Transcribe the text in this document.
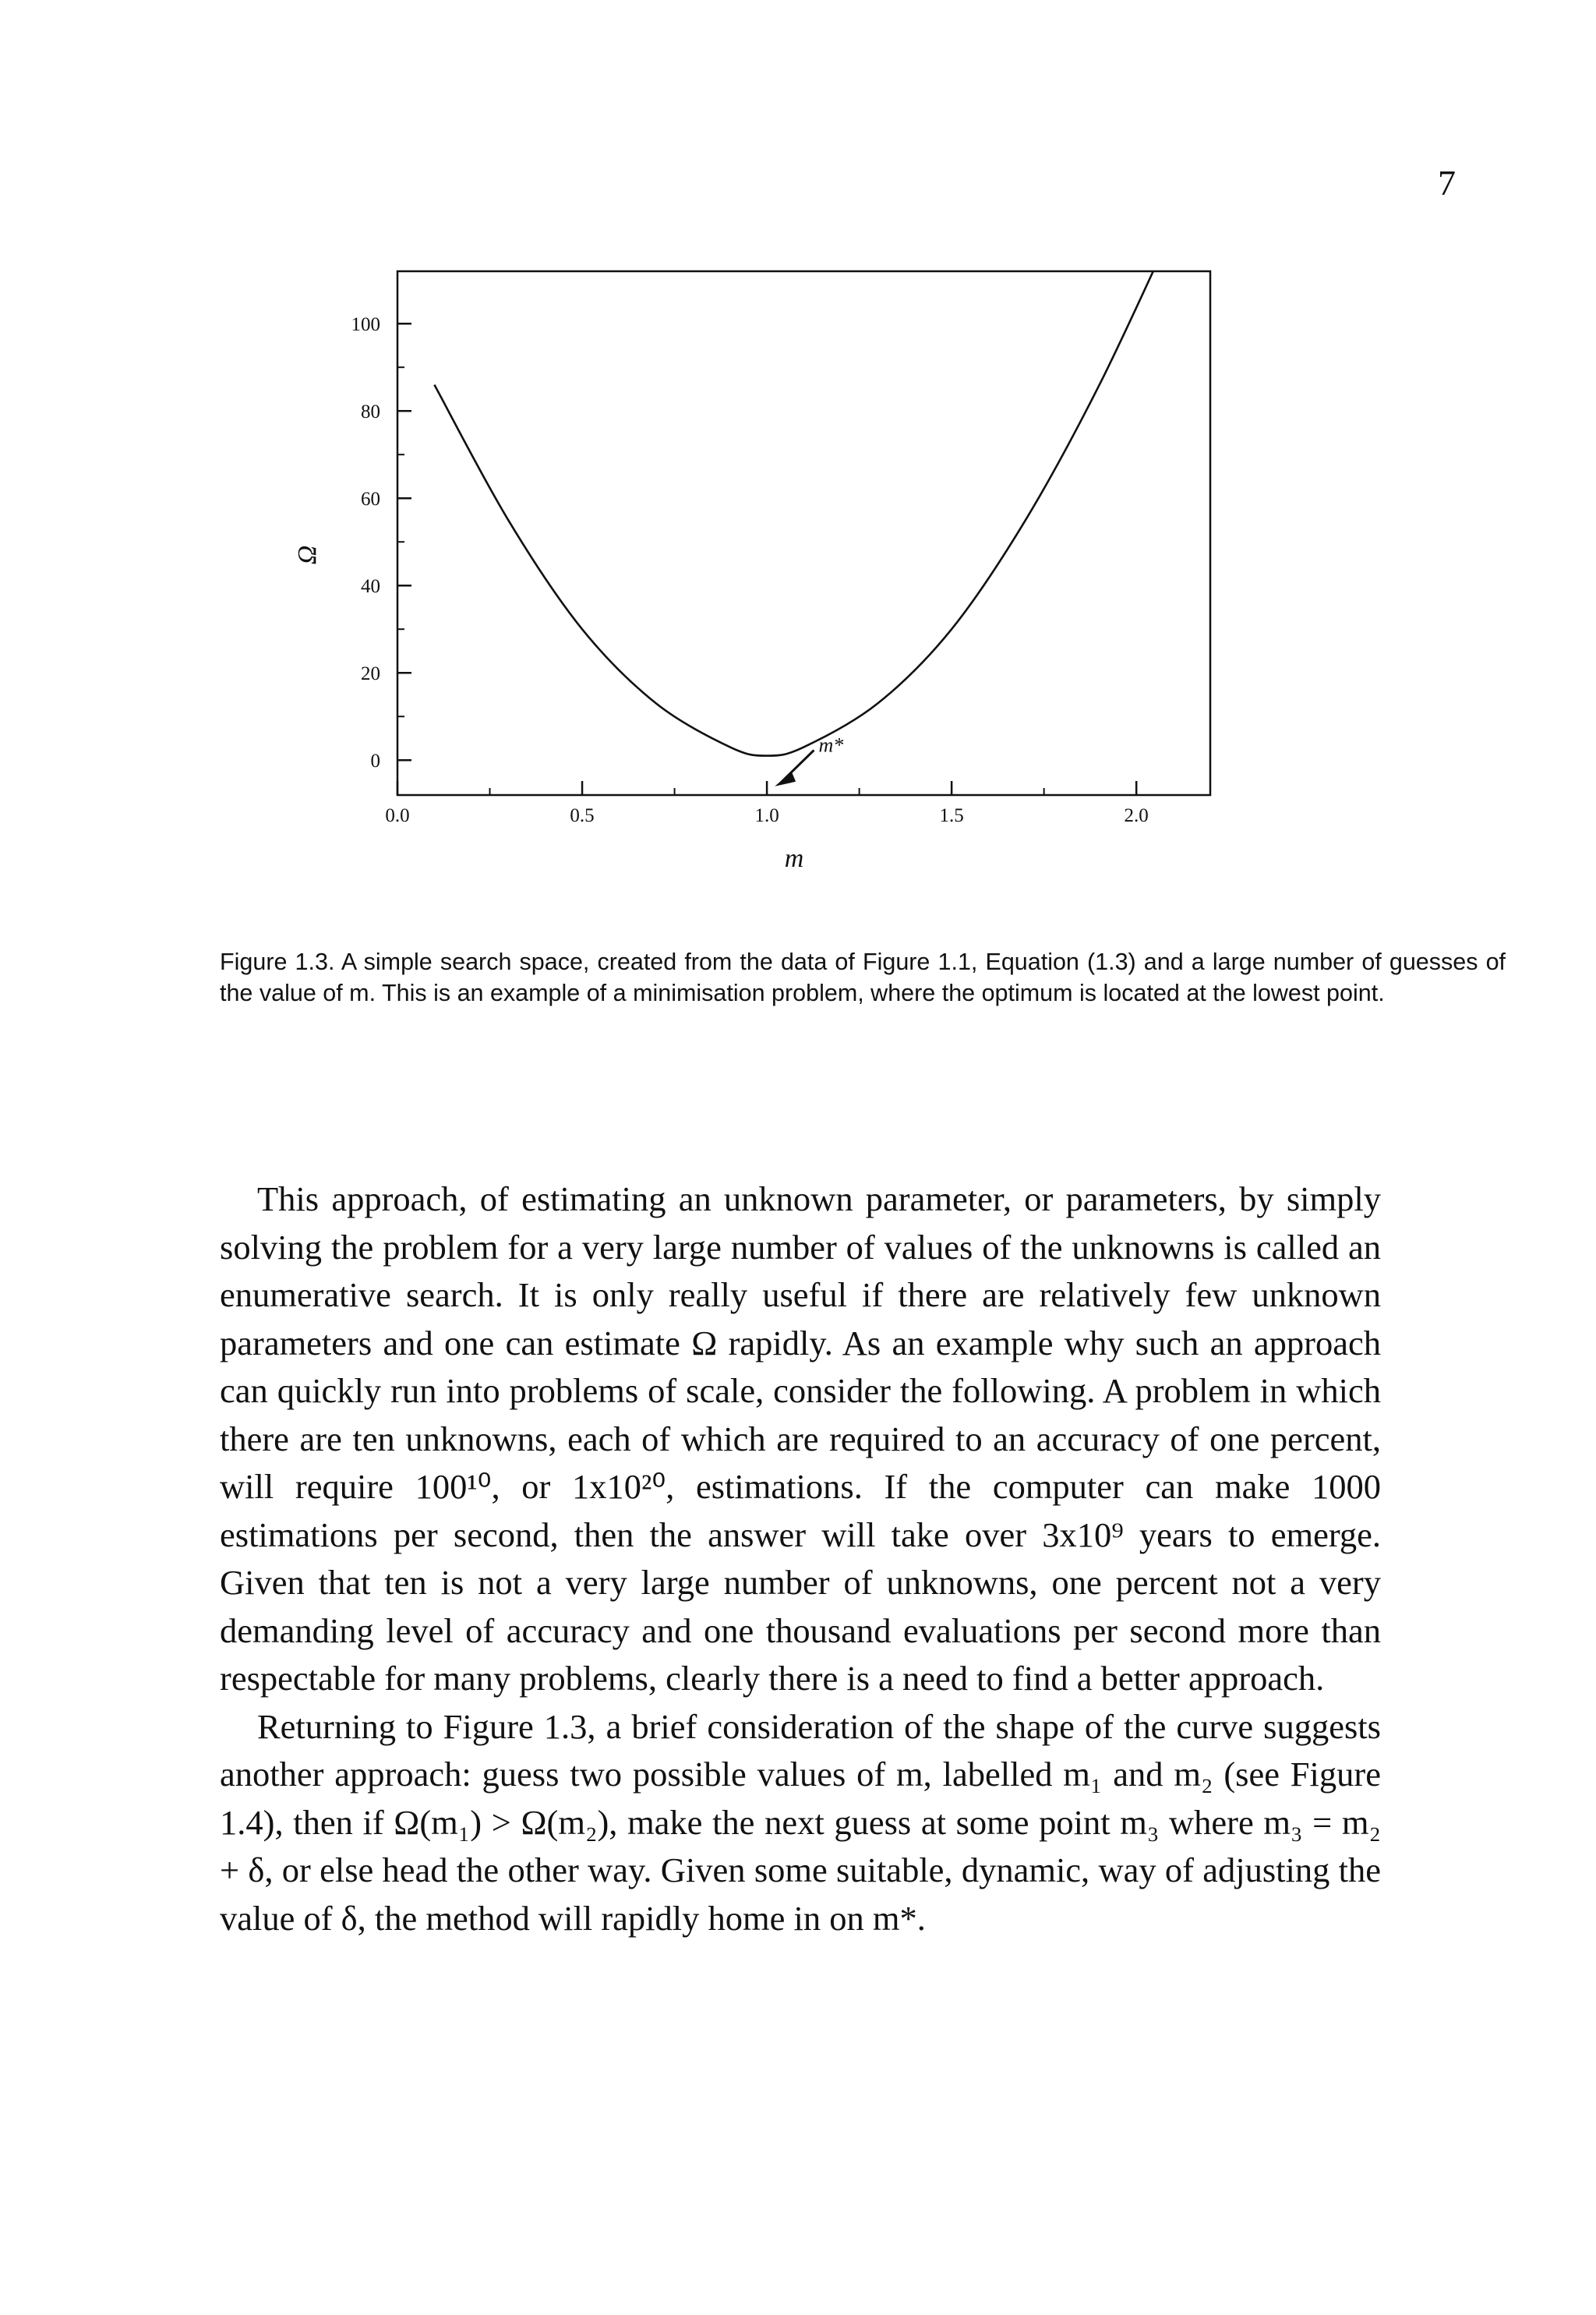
7
0
20
40
60
80
100
0.0	0.5	1.0	1.5	2.0
m*
Ω
m
Figure 1.3. A simple search space, created from the data of Figure 1.1, Equation (1.3) and a large number of guesses of the value of m. This is an example of a minimisation problem, where the optimum is located at the lowest point.

This approach, of estimating an unknown parameter, or parameters, by simply solving the problem for a very large number of values of the unknowns is called an enumerative search. It is only really useful if there are relatively few unknown parameters and one can estimate Ω rapidly. As an example why such an approach can quickly run into problems of scale, consider the following. A problem in which there are ten unknowns, each of which are required to an accuracy of one percent, will require 100¹⁰, or 1x10²⁰, estimations. If the computer can make 1000 estimations per second, then the answer will take over 3x10⁹ years to emerge. Given that ten is not a very large number of unknowns, one percent not a very demanding level of accuracy and one thousand evaluations per second more than respectable for many problems, clearly there is a need to find a better approach.

Returning to Figure 1.3, a brief consideration of the shape of the curve suggests another approach: guess two possible values of m, labelled m₁ and m₂ (see Figure 1.4), then if Ω(m₁) > Ω(m₂), make the next guess at some point m₃ where m₃ = m₂ + δ, or else head the other way. Given some suitable, dynamic, way of adjusting the value of δ, the method will rapidly home in on m*.
